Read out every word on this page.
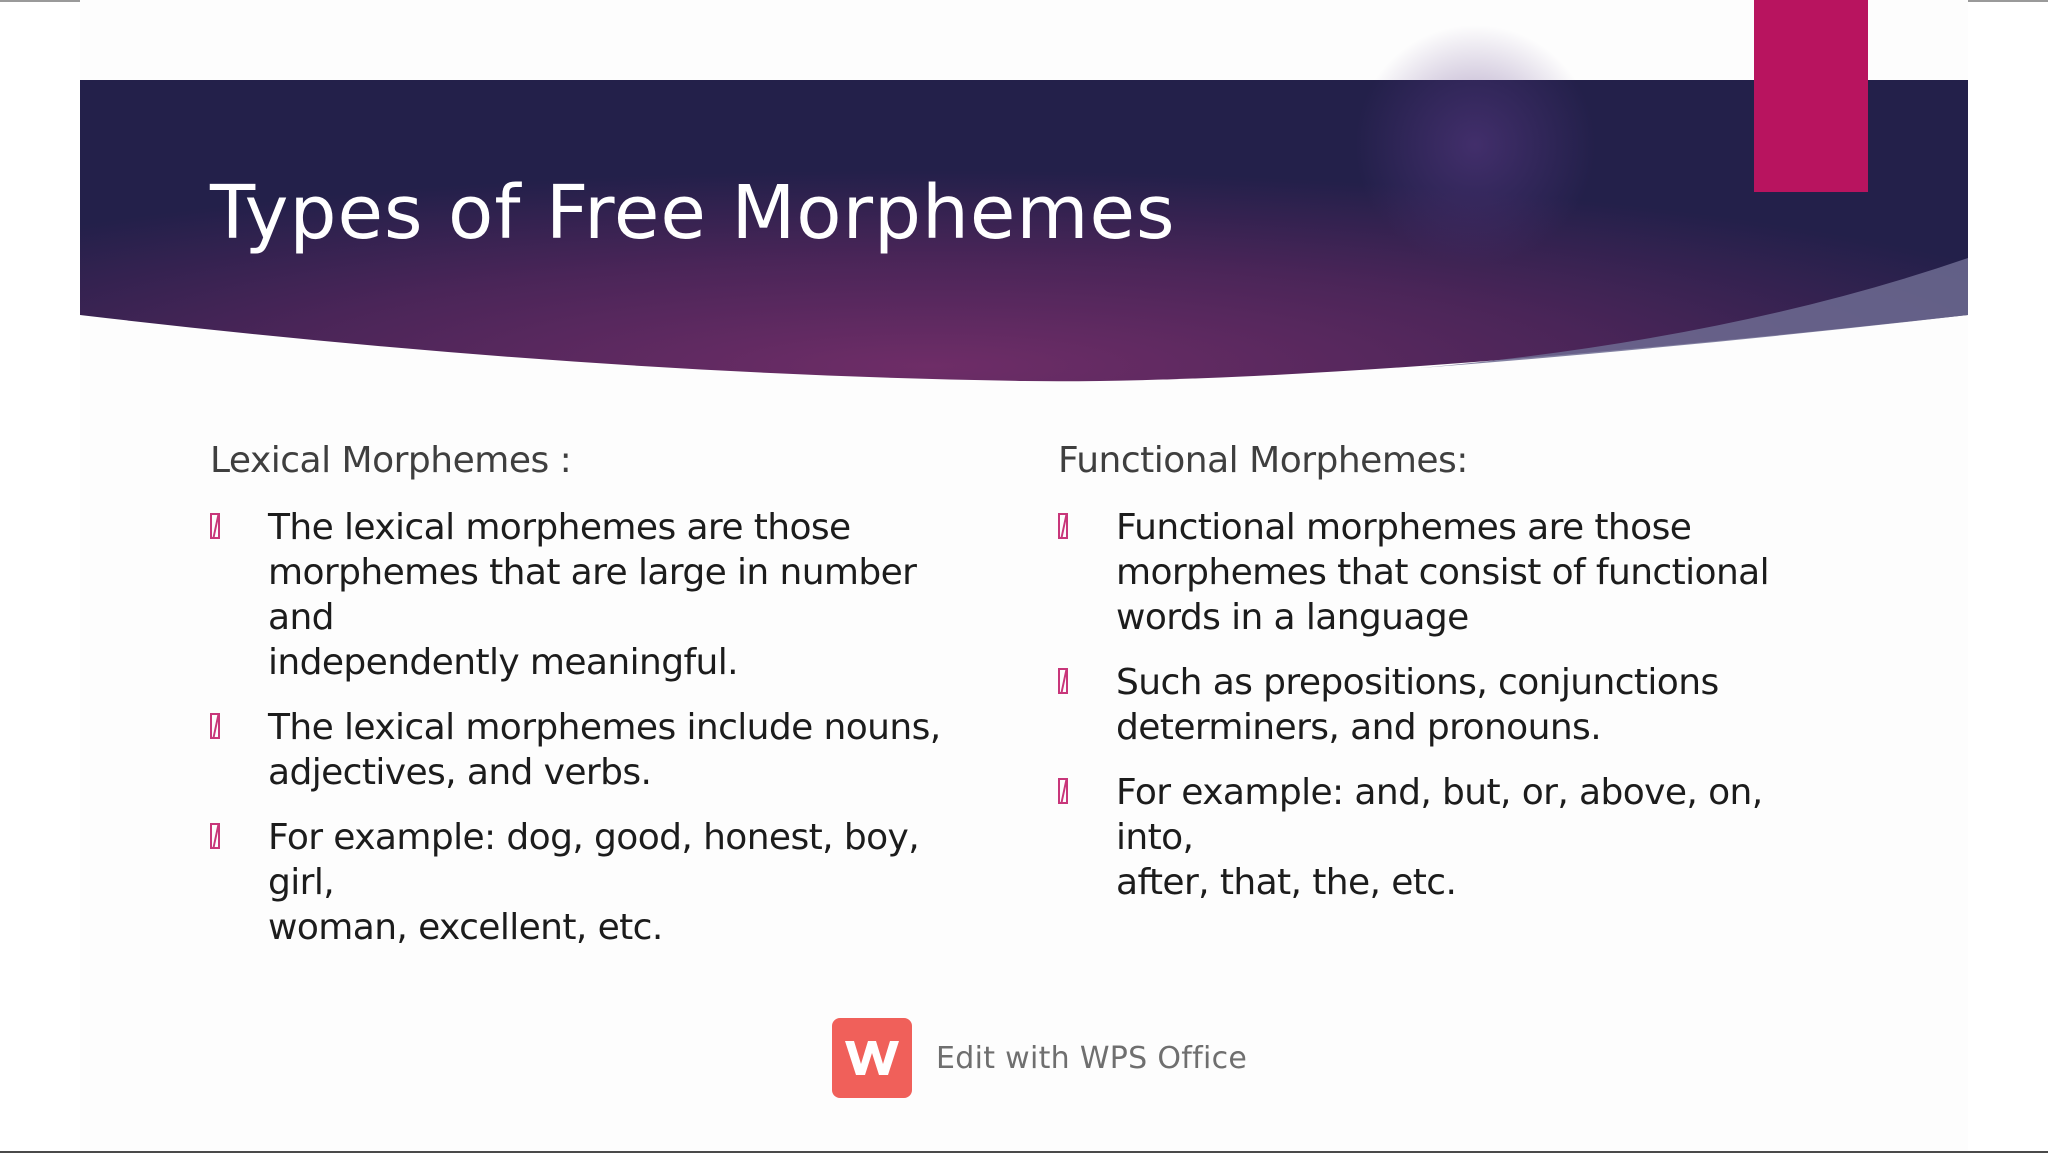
Types of Free Morphemes
Lexical Morphemes :
The lexical morphemes are those
morphemes that are large in number and
independently meaningful.
The lexical morphemes include nouns,
adjectives, and verbs.
For example: dog, good, honest, boy, girl,
woman, excellent, etc.
Functional Morphemes:
Functional morphemes are those
morphemes that consist of functional
words in a language
Such as prepositions, conjunctions
determiners, and pronouns.
For example: and, but, or, above, on, into,
after, that, the, etc.
Edit with WPS Office
